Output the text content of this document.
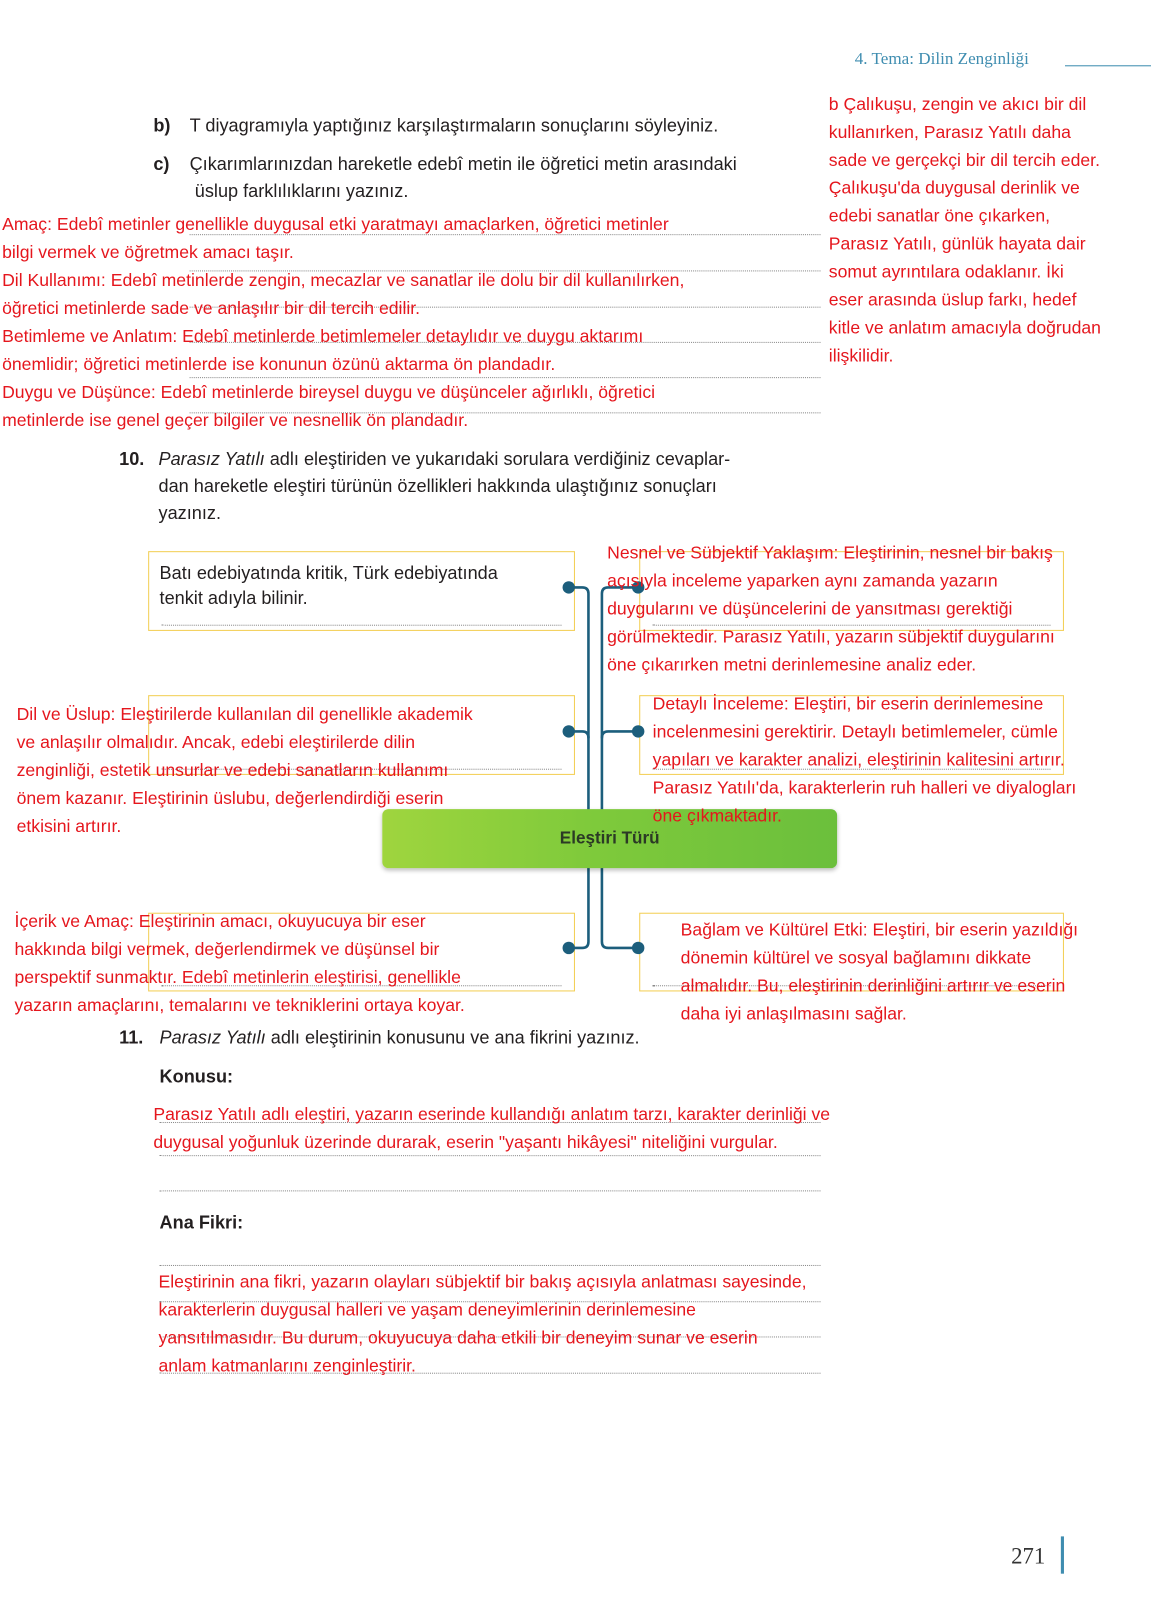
4. Tema: Dilin Zenginliği
b) T diyagramıyla yaptığınız karşılaştırmaların sonuçlarını söyleyiniz.
c) Çıkarımlarınızdan hareketle edebî metin ile öğretici metin arasındaki
üslup farklılıklarını yazınız.
10. Parasız Yatılı adlı eleştiriden ve yukarıdaki sorulara verdiğiniz cevaplar-
dan hareketle eleştiri türünün özellikleri hakkında ulaştığınız sonuçları
yazınız.
Batı edebiyatında kritik, Türk edebiyatında
tenkit adıyla bilinir.
Eleştiri Türü
11. Parasız Yatılı adlı eleştirinin konusunu ve ana fikrini yazınız.
Konusu:
Ana Fikri:
b Çalıkuşu, zengin ve akıcı bir dil
kullanırken, Parasız Yatılı daha
sade ve gerçekçi bir dil tercih eder.
Çalıkuşu'da duygusal derinlik ve
edebi sanatlar öne çıkarken,
Parasız Yatılı, günlük hayata dair
somut ayrıntılara odaklanır. İki
eser arasında üslup farkı, hedef
kitle ve anlatım amacıyla doğrudan
ilişkilidir.
Amaç: Edebî metinler genellikle duygusal etki yaratmayı amaçlarken, öğretici metinler
bilgi vermek ve öğretmek amacı taşır.
Dil Kullanımı: Edebî metinlerde zengin, mecazlar ve sanatlar ile dolu bir dil kullanılırken,
öğretici metinlerde sade ve anlaşılır bir dil tercih edilir.
Betimleme ve Anlatım: Edebî metinlerde betimlemeler detaylıdır ve duygu aktarımı
önemlidir; öğretici metinlerde ise konunun özünü aktarma ön plandadır.
Duygu ve Düşünce: Edebî metinlerde bireysel duygu ve düşünceler ağırlıklı, öğretici
metinlerde ise genel geçer bilgiler ve nesnellik ön plandadır.
Nesnel ve Sübjektif Yaklaşım: Eleştirinin, nesnel bir bakış
açısıyla inceleme yaparken aynı zamanda yazarın
duygularını ve düşüncelerini de yansıtması gerektiği
görülmektedir. Parasız Yatılı, yazarın sübjektif duygularını
öne çıkarırken metni derinlemesine analiz eder.
Dil ve Üslup: Eleştirilerde kullanılan dil genellikle akademik
ve anlaşılır olmalıdır. Ancak, edebi eleştirilerde dilin
zenginliği, estetik unsurlar ve edebi sanatların kullanımı
önem kazanır. Eleştirinin üslubu, değerlendirdiği eserin
etkisini artırır.
Detaylı İnceleme: Eleştiri, bir eserin derinlemesine
incelenmesini gerektirir. Detaylı betimlemeler, cümle
yapıları ve karakter analizi, eleştirinin kalitesini artırır.
Parasız Yatılı'da, karakterlerin ruh halleri ve diyalogları
öne çıkmaktadır.
İçerik ve Amaç: Eleştirinin amacı, okuyucuya bir eser
hakkında bilgi vermek, değerlendirmek ve düşünsel bir
perspektif sunmaktır. Edebî metinlerin eleştirisi, genellikle
yazarın amaçlarını, temalarını ve tekniklerini ortaya koyar.
Bağlam ve Kültürel Etki: Eleştiri, bir eserin yazıldığı
dönemin kültürel ve sosyal bağlamını dikkate
almalıdır. Bu, eleştirinin derinliğini artırır ve eserin
daha iyi anlaşılmasını sağlar.
Parasız Yatılı adlı eleştiri, yazarın eserinde kullandığı anlatım tarzı, karakter derinliği ve
duygusal yoğunluk üzerinde durarak, eserin "yaşantı hikâyesi" niteliğini vurgular.
Eleştirinin ana fikri, yazarın olayları sübjektif bir bakış açısıyla anlatması sayesinde,
karakterlerin duygusal halleri ve yaşam deneyimlerinin derinlemesine
yansıtılmasıdır. Bu durum, okuyucuya daha etkili bir deneyim sunar ve eserin
anlam katmanlarını zenginleştirir.
271
